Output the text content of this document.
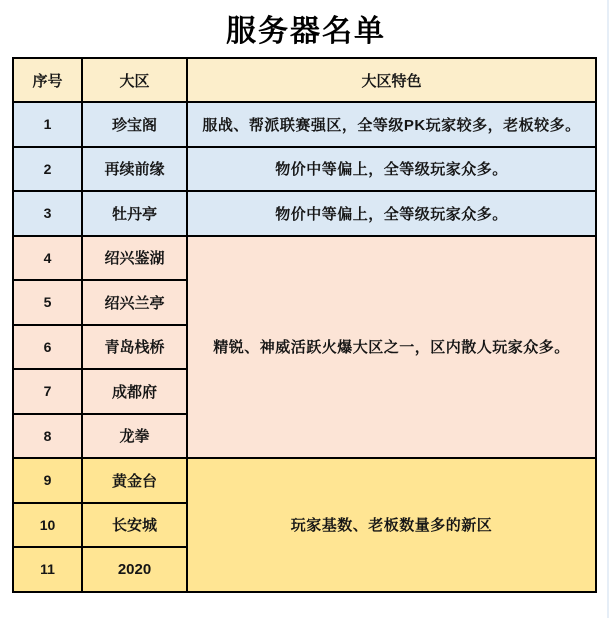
服务器名单
序号	大区	大区特色
1	珍宝阁	服战、帮派联赛强区，全等级PK玩家较多，老板较多。
2	再续前缘	物价中等偏上，全等级玩家众多。
3	牡丹亭	物价中等偏上，全等级玩家众多。
4	绍兴鉴湖	精锐、神威活跃火爆大区之一，区内散人玩家众多。
5	绍兴兰亭	
6	青岛栈桥	
7	成都府	
8	龙拳	
9	黄金台	玩家基数、老板数量多的新区
10	长安城	
11	2020	
